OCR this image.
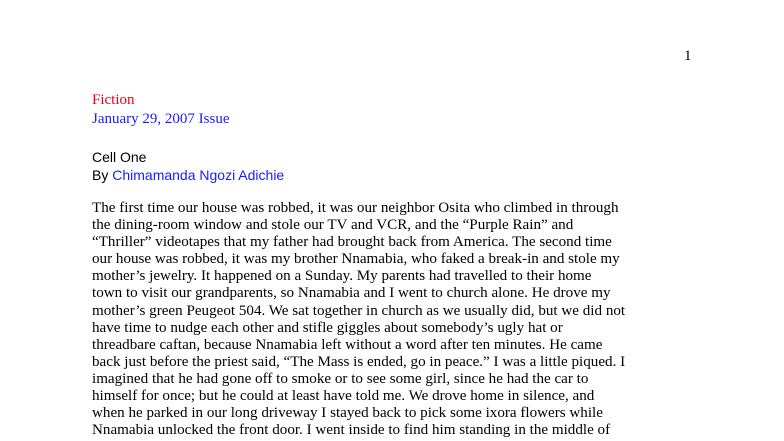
1
Fiction
January 29, 2007 Issue
Cell One
By Chimamanda Ngozi Adichie
The first time our house was robbed, it was our neighbor Osita who climbed in through
the dining-room window and stole our TV and VCR, and the “Purple Rain” and
“Thriller” videotapes that my father had brought back from America. The second time
our house was robbed, it was my brother Nnamabia, who faked a break-in and stole my
mother’s jewelry. It happened on a Sunday. My parents had travelled to their home
town to visit our grandparents, so Nnamabia and I went to church alone. He drove my
mother’s green Peugeot 504. We sat together in church as we usually did, but we did not
have time to nudge each other and stifle giggles about somebody’s ugly hat or
threadbare caftan, because Nnamabia left without a word after ten minutes. He came
back just before the priest said, “The Mass is ended, go in peace.” I was a little piqued. I
imagined that he had gone off to smoke or to see some girl, since he had the car to
himself for once; but he could at least have told me. We drove home in silence, and
when he parked in our long driveway I stayed back to pick some ixora flowers while
Nnamabia unlocked the front door. I went inside to find him standing in the middle of
